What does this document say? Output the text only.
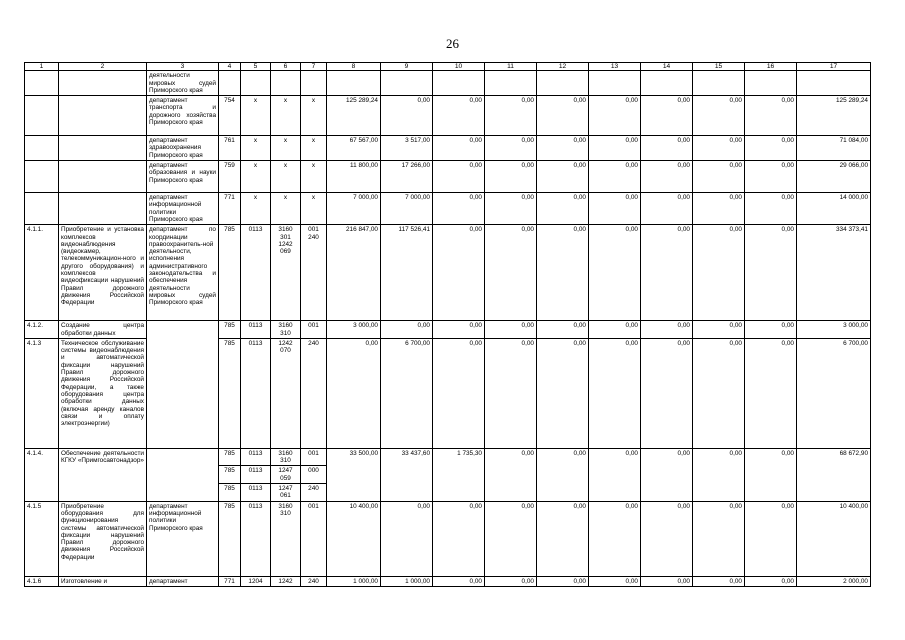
26
1	2	3	4	5	6	7	8	9	10	11	12	13	14	15	16	17
		деятельности мировых судей Приморского края														
		департамент транспорта и дорожного хозяйства Приморского края	754	x	x	x	125 289,24	0,00	0,00	0,00	0,00	0,00	0,00	0,00	0,00	125 289,24
		департамент здравоохранения Приморского края	761	x	x	x	67 567,00	3 517,00	0,00	0,00	0,00	0,00	0,00	0,00	0,00	71 084,00
		департамент образования и науки Приморского края	759	x	x	x	11 800,00	17 266,00	0,00	0,00	0,00	0,00	0,00	0,00	0,00	29 066,00
		департамент информационной политики Приморского края	771	x	x	x	7 000,00	7 000,00	0,00	0,00	0,00	0,00	0,00	0,00	0,00	14 000,00
4.1.1.	Приобретение и установка комплексов видеонаблюдения (видеокамер, телекоммуникацион-ного и другого оборудования) и комплексов видеофиксации нарушений Правил дорожного движения Российской Федерации	департамент по координации правоохранитель-ной деятельности, исполнения административного законодательства и обеспечения деятельности мировых судей Приморского края	785	0113	3160 301 1242 069	001 240	216 847,00	117 526,41	0,00	0,00	0,00	0,00	0,00	0,00	0,00	334 373,41
4.1.2.	Создание центра обработки данных		785	0113	3160 310	001	3 000,00	0,00	0,00	0,00	0,00	0,00	0,00	0,00	0,00	3 000,00
4.1.3	Техническое обслуживание системы видеонаблюдения и автоматической фиксации нарушений Правил дорожного движения Российской Федерации, а также оборудования центра обработки данных (включая аренду каналов связи и оплату электроэнергии)		785	0113	1242 070	240	0,00	6 700,00	0,00	0,00	0,00	0,00	0,00	0,00	0,00	6 700,00
4.1.4.	Обеспечение деятельности КГКУ «Примгосавтонадзор»		785	0113	3160 310	001	33 500,00	33 437,60	1 735,30	0,00	0,00	0,00	0,00	0,00	0,00	68 672,90
			785	0113	1247 059	000										
			785	0113	1247 061	240										
4.1.5	Приобретение оборудования для функционирования системы автоматической фиксации нарушений Правил дорожного движения Российской Федерации	департамент информационной политики Приморского края	785	0113	3160 310	001	10 400,00	0,00	0,00	0,00	0,00	0,00	0,00	0,00	0,00	10 400,00
4.1.6	Изготовление и	департамент	771	1204	1242	240	1 000,00	1 000,00	0,00	0,00	0,00	0,00	0,00	0,00	0,00	2 000,00
